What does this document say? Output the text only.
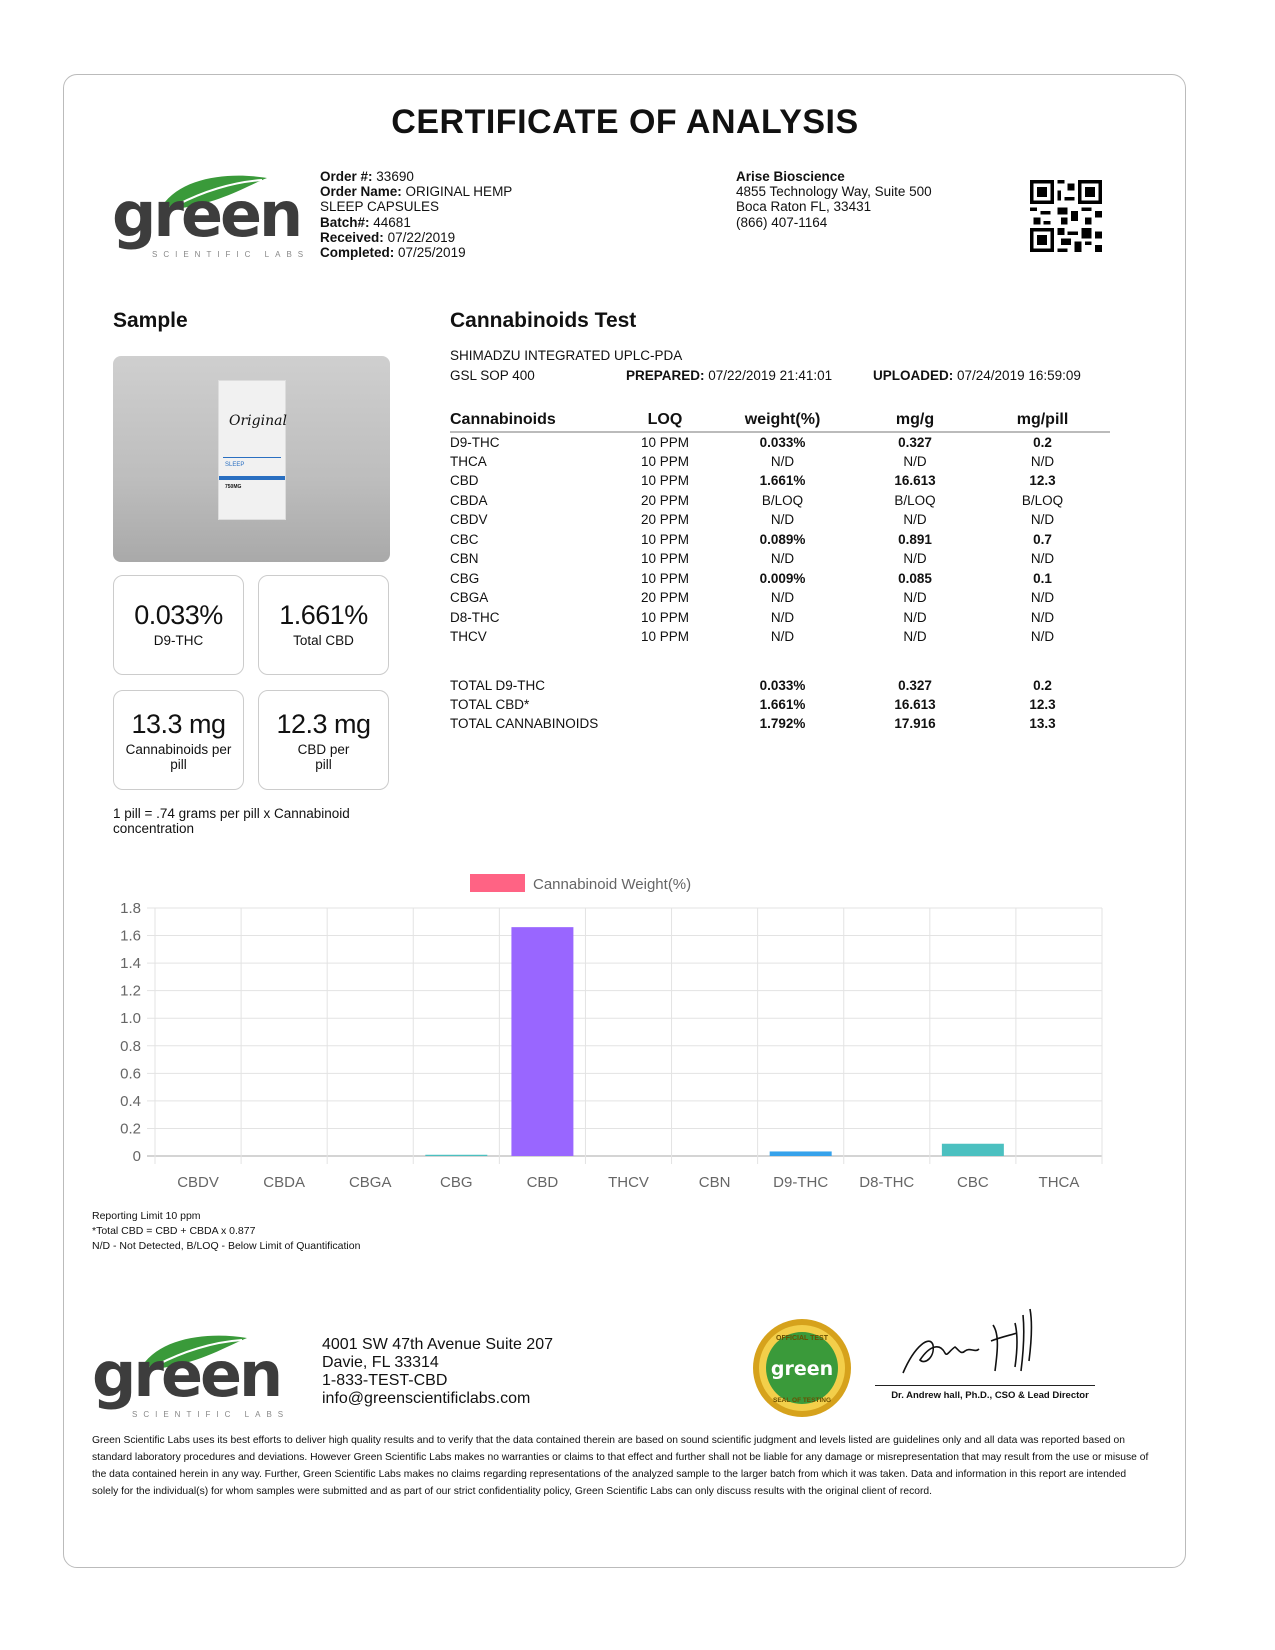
CERTIFICATE OF ANALYSIS
green
SCIENTIFIC LABS
Order #: 33690
Order Name: ORIGINAL HEMP
SLEEP CAPSULES
Batch#: 44681
Received: 07/22/2019
Completed: 07/25/2019
Arise Bioscience
4855 Technology Way, Suite 500
Boca Raton FL, 33431
(866) 407-1164
Sample
Original
SLEEP
750MG
0.033%
D9-THC
1.661%
Total CBD
13.3 mg
Cannabinoids per pill
12.3 mg
CBD per pill
1 pill = .74 grams per pill x Cannabinoid concentration
Cannabinoids Test
SHIMADZU INTEGRATED UPLC-PDA
GSL SOP 400	PREPARED: 07/22/2019 21:41:01	UPLOADED: 07/24/2019 16:59:09
Cannabinoids	LOQ	weight(%)	mg/g	mg/pill
D9-THC	10 PPM	0.033%	0.327	0.2
THCA	10 PPM	N/D	N/D	N/D
CBD	10 PPM	1.661%	16.613	12.3
CBDA	20 PPM	B/LOQ	B/LOQ	B/LOQ
CBDV	20 PPM	N/D	N/D	N/D
CBC	10 PPM	0.089%	0.891	0.7
CBN	10 PPM	N/D	N/D	N/D
CBG	10 PPM	0.009%	0.085	0.1
CBGA	20 PPM	N/D	N/D	N/D
D8-THC	10 PPM	N/D	N/D	N/D
THCV	10 PPM	N/D	N/D	N/D
TOTAL D9-THC		0.033%	0.327	0.2
TOTAL CBD*		1.661%	16.613	12.3
TOTAL CANNABINOIDS		1.792%	17.916	13.3
Cannabinoid Weight(%)
0
0.2
0.4
0.6
0.8
1.0
1.2
1.4
1.6
1.8
CBDV	CBDA	CBGA	CBG	CBD	THCV	CBN	D9-THC D8-THC	CBC	THCA
Reporting Limit 10 ppm
*Total CBD = CBD + CBDA x 0.877
N/D - Not Detected, B/LOQ - Below Limit of Quantification
green
SCIENTIFIC LABS
4001 SW 47th Avenue Suite 207
Davie, FL 33314
1-833-TEST-CBD
info@greenscientificlabs.com
OFFICIAL TEST
green
SEAL OF TESTING	Dr. Andrew hall, Ph.D., CSO & Lead Director
Green Scientific Labs uses its best efforts to deliver high quality results and to verify that the data contained therein are based on sound scientific judgment and levels listed are guidelines only and all data was reported based on standard laboratory procedures and deviations. However Green Scientific Labs makes no warranties or claims to that effect and further shall not be liable for any damage or misrepresentation that may result from the use or misuse of the data contained herein in any way. Further, Green Scientific Labs makes no claims regarding representations of the analyzed sample to the larger batch from which it was taken. Data and information in this report are intended solely for the individual(s) for whom samples were submitted and as part of our strict confidentiality policy, Green Scientific Labs can only discuss results with the original client of record.
